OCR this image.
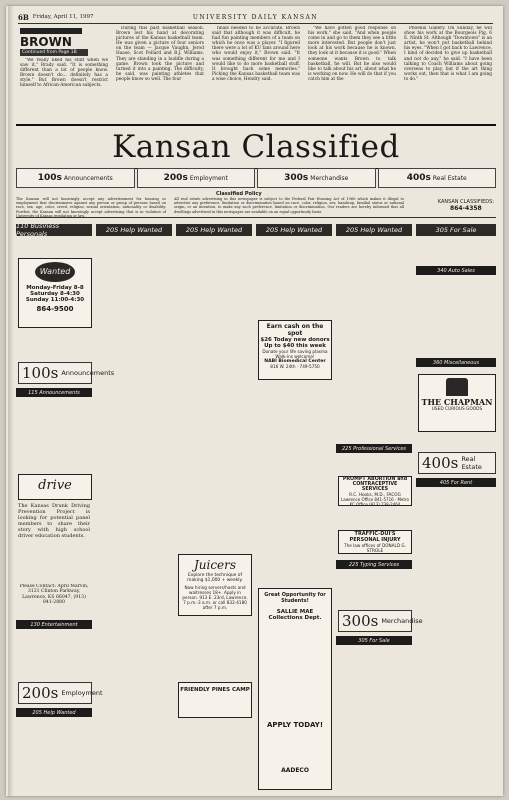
6B Friday, April 11, 1997	UNIVERSITY DAILY KANSAN
BROWN
Continued from Page 1B

"We really liked his stuff when we saw it," Brady said. "It is something different than a lot of people know. Brown doesn't do... definitely has a style." But Brown doesn't restrict himself to African-American subjects.

During this past basketball season, Brown lost his hand at decorating pictures of the Kansas basketball team. He was given a picture of four seniors on the team — Jacque Vaughn, Jerod Haase, Scot Pollard and B.J. Williams. They are standing in a huddle during a game. Brown took the picture and turned it into a painting. The difficulty, he said, was painting athletes that people know so well. The four

finals needed to be accurate. Brown said that although it was difficult, he had fun painting members of a team on which he once was a player. "I figured there were a lot of KU fans around here who would enjoy it," Brown said. "It was something different for me and I would like to do more basketball stuff. It brought back some memories." Picking the Kansas basketball team was a wise choice, Hendry said.

"We have gotten good response on his work," she said. "And when people come in and go to them they see a little more interested. But people don't just look at his work because he is known, they look at it because it is good." When someone wants Brown to talk basketball, he will. But he also would like to talk about his art, about what he is working on now. He will do that if you catch him at the

Phoenix Gallery. On Sunday, he will show his work at the Bourgeois Pig, 6 E. Ninth St. Although "Downtown" is an artist, he won't put basketball behind his eyes. "When I got back to Lawrence, I kind of decided to give up basketball and not do any," he said. "I have been talking to Coach Williams about going overseas to play, but if the art thing works out, then that is what I am going to do."

Kansan Classified
100s Announcements	200s Employment	300s Merchandise	400s Real Estate
Classified Policy
The Kansan will not knowingly accept any advertisement for housing or employment that discriminates against any person or group of persons based on race, sex, age, color, creed, religion, sexual orientation, nationality or disability. Further, the Kansan will not knowingly accept advertising that is in violation of University of Kansas regulation or law.
All real estate advertising in this newspaper is subject to the Federal Fair Housing Act of 1968 which makes it illegal to advertise any preference, limitation or discrimination based on race, color, religion, sex, handicap, familial status or national origin, or an intention, to make any such preference, limitation or discrimination. Our readers are hereby informed that all dwellings advertised in this newspaper are available on an equal opportunity basis.
KANSAN CLASSIFIEDS:
864-4358
110 Business Personals	205 Help Wanted	205 Help Wanted	205 Help Wanted	205 Help Wanted	305 For Sale
Wanted
Monday-Friday 8-8
Saturday 8-4:30
Sunday 11:00-4:30
864-9500
100s Announcements
115 Announcements
drive
The Kansas Drunk Driving Prevention Project is looking for potential panel members to share their story with high school driver education students.
Please Contact: April Marvin, 3121 Clinton Parkway, Lawrence, KS 66047, (913) 841-2880
130 Entertainment
200s Employment
205 Help Wanted
Juicers
Explore the technique of making $1,000 + weekly.
Now hiring servers/hosts and waitresses 18+. Apply in person. 913 E. 23rd, Lawrence. 7 p.m.-3 a.m. or call 832-4180 after 7 p.m.
FRIENDLY PINES CAMP
Earn cash on the spot
$26 Today new donors
Up to $40 this week
Donate your life saving plasma
Walk-ins welcome!
NABI Biomedical Center
816 W. 24th · 749-5750
Great Opportunity for Students!
SALLIE MAE Collections Dept.
APPLY TODAY!
AADECO
225 Professional Services
PROMPT ABORTION and CONTRACEPTIVE SERVICES
R.C. Hooks, M.D., FACOG
Lawrence Office 841-5716 · Metro KC Office (913) 738-2464
TRAFFIC-DUI'S PERSONAL INJURY
The law offices of DONALD G. STROLE
225 Typing Services
300s Merchandise
305 For Sale
340 Auto Sales
360 Miscellaneous
THE CHAPMAN
USED CURIOUS GOODS
400s Real Estate
405 For Rent
